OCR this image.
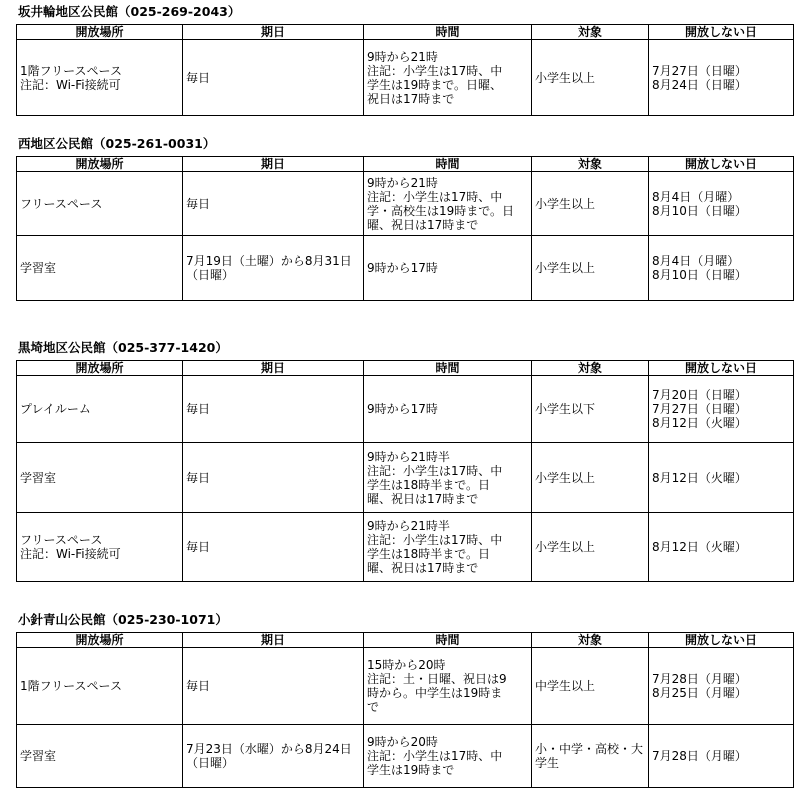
坂井輪地区公民館（025-269-2043）
開放場所	期日	時間	対象	開放しない日

1階フリースペース
注記：Wi-Fi接続可	毎日	9時から21時
注記：小学生は17時、中
学生は19時まで。日曜、
祝日は17時まで	小学生以上	7月27日（日曜）
8月24日（日曜）
西地区公民館（025-261-0031）
開放場所	期日	時間	対象	開放しない日

フリースペース	毎日	9時から21時
注記：小学生は17時、中
学・高校生は19時まで。日
曜、祝日は17時まで	小学生以上	8月4日（月曜）
8月10日（日曜）

学習室	7月19日（土曜）から8月31日
（日曜）	9時から17時	小学生以上	8月4日（月曜）
8月10日（日曜）
黒埼地区公民館（025-377-1420）
開放場所	期日	時間	対象	開放しない日

プレイルーム	毎日	9時から17時	小学生以下	7月20日（日曜）
7月27日（日曜）
8月12日（火曜）

学習室	毎日	9時から21時半
注記：小学生は17時、中
学生は18時半まで。日
曜、祝日は17時まで	小学生以上	8月12日（火曜）

フリースペース
注記：Wi-Fi接続可	毎日	9時から21時半
注記：小学生は17時、中
学生は18時半まで。日
曜、祝日は17時まで	小学生以上	8月12日（火曜）
小針青山公民館（025-230-1071）
開放場所	期日	時間	対象	開放しない日

1階フリースペース	毎日	15時から20時
注記：土・日曜、祝日は9
時から。中学生は19時ま
で	中学生以上	7月28日（月曜）
8月25日（月曜）

学習室	7月23日（水曜）から8月24日
（日曜）	9時から20時
注記：小学生は17時、中
学生は19時まで	小・中学・高校・大
学生	7月28日（月曜）
